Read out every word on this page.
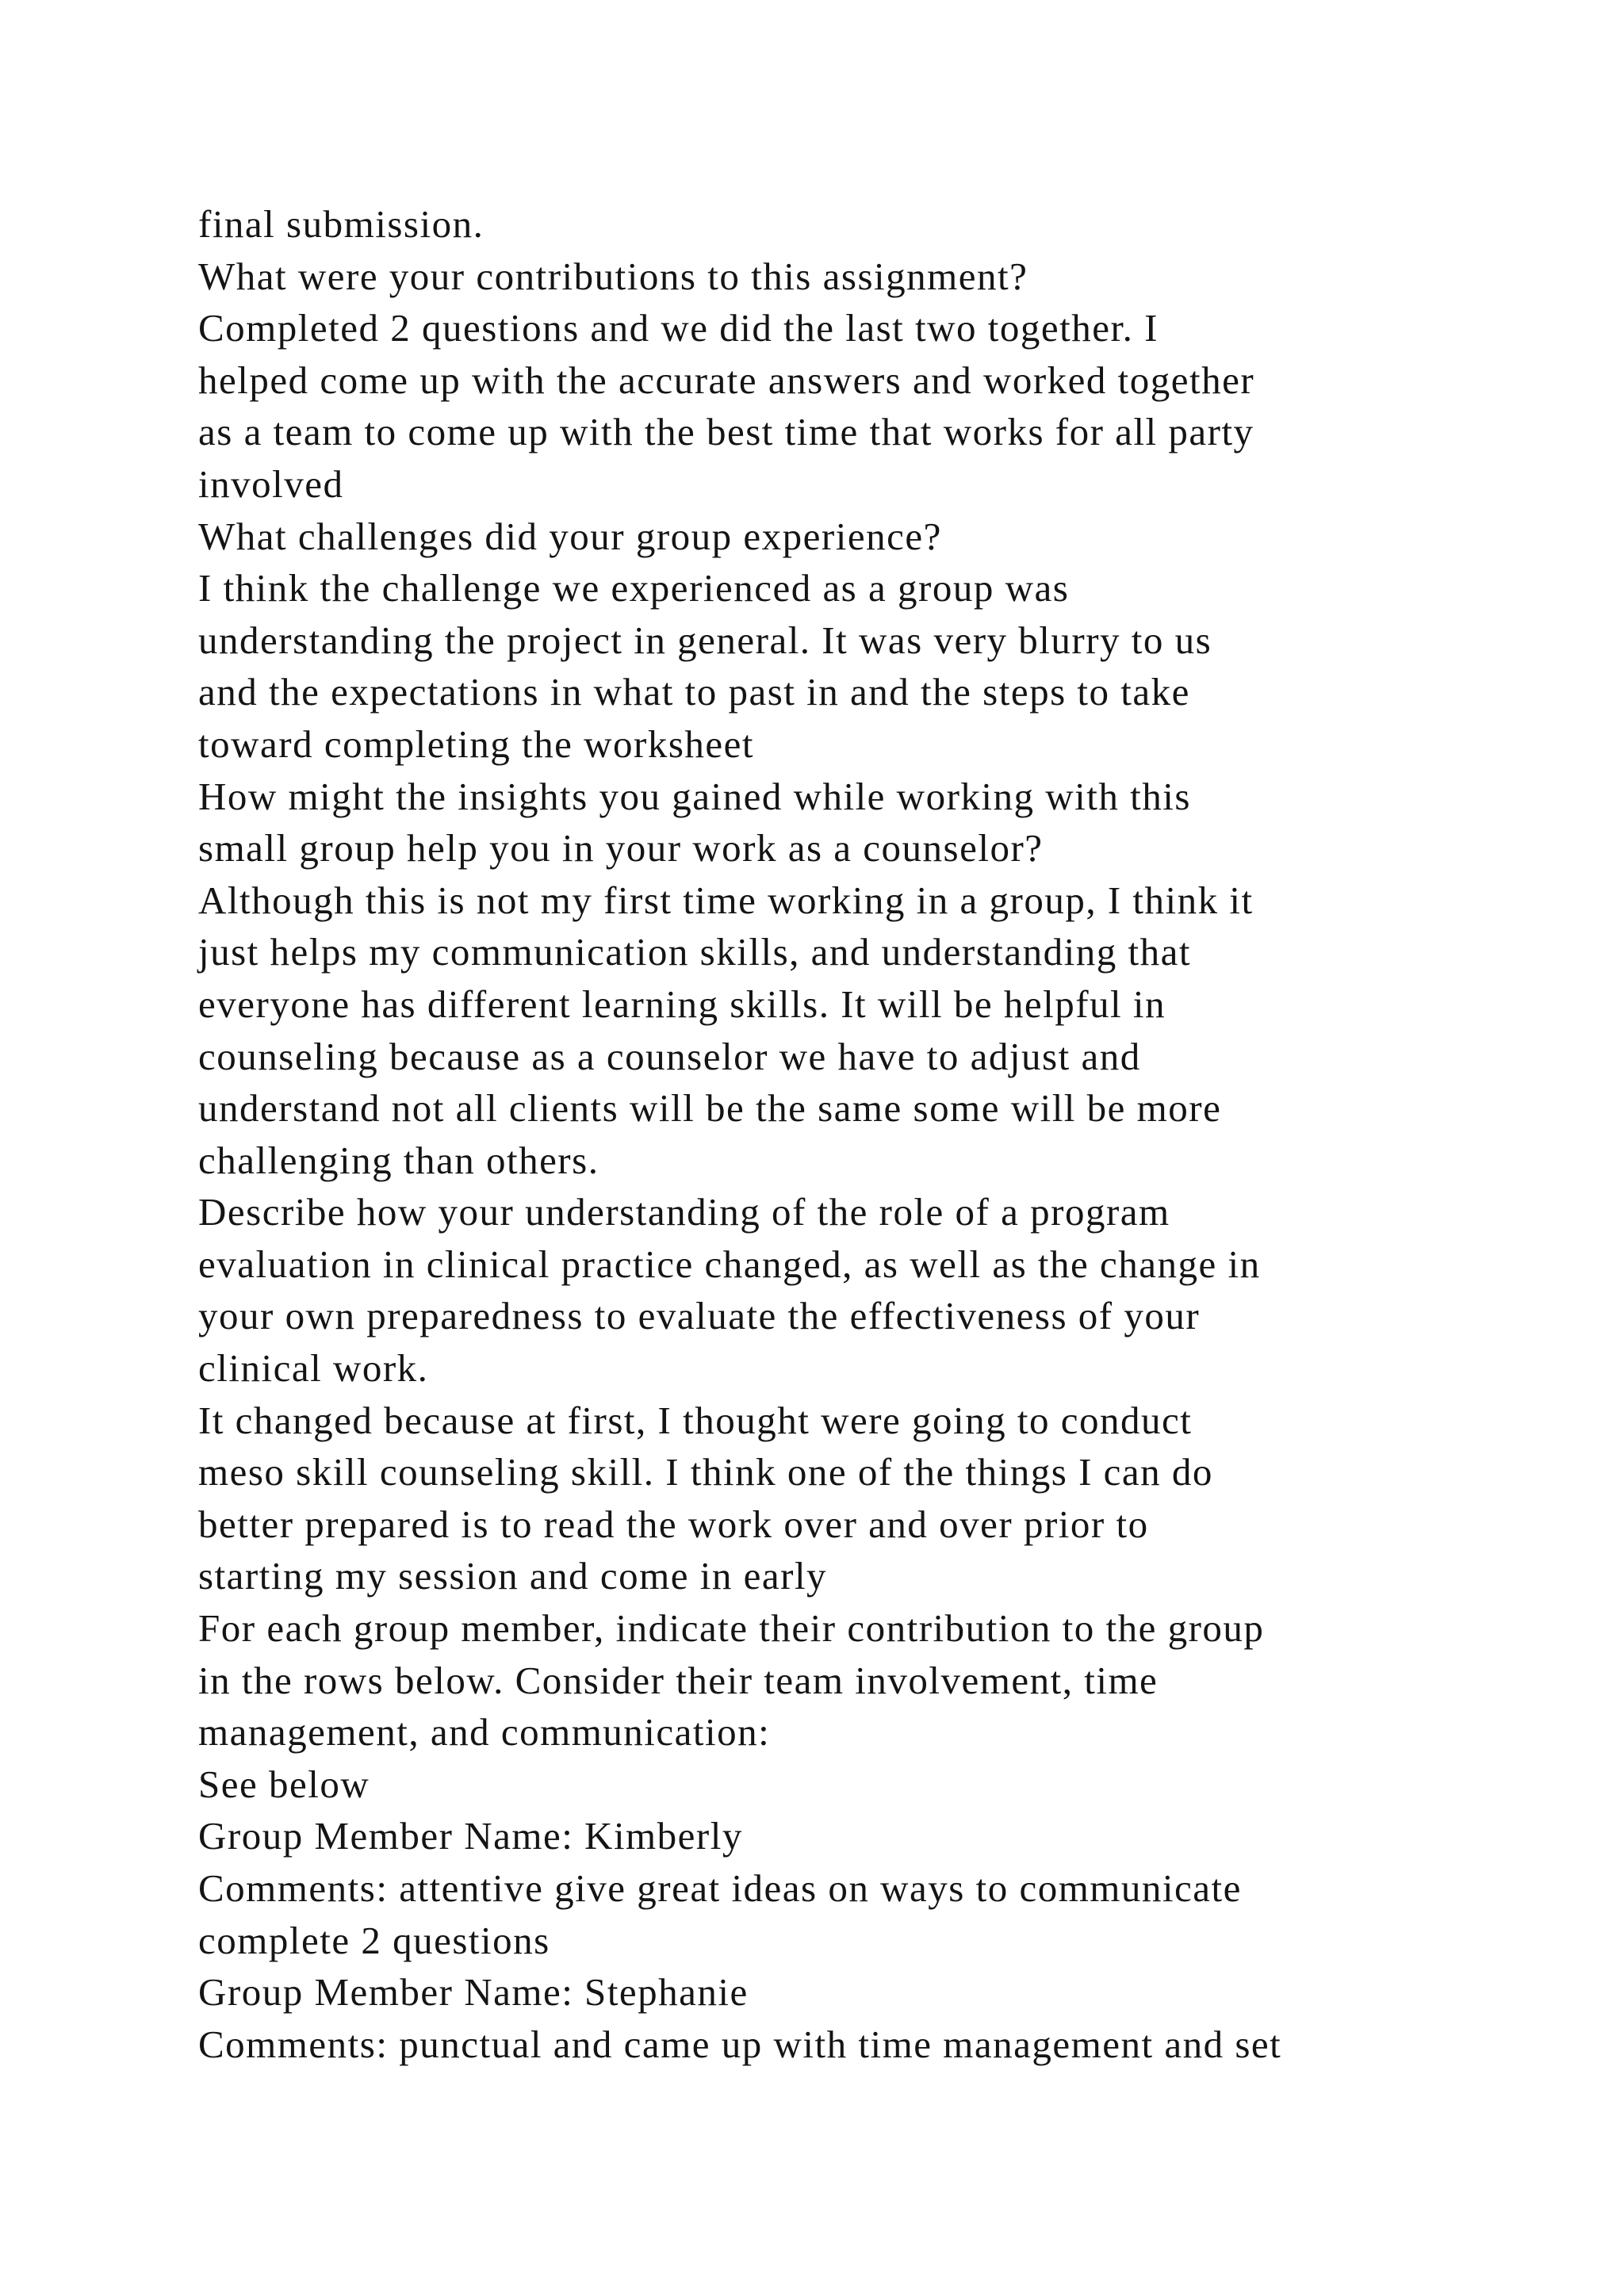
final submission.
What were your contributions to this assignment?
Completed 2 questions and we did the last two together. I
helped come up with the accurate answers and worked together
as a team to come up with the best time that works for all party
involved
What challenges did your group experience?
I think the challenge we experienced as a group was
understanding the project in general. It was very blurry to us
and the expectations in what to past in and the steps to take
toward completing the worksheet
How might the insights you gained while working with this
small group help you in your work as a counselor?
Although this is not my first time working in a group, I think it
just helps my communication skills, and understanding that
everyone has different learning skills. It will be helpful in
counseling because as a counselor we have to adjust and
understand not all clients will be the same some will be more
challenging than others.
Describe how your understanding of the role of a program
evaluation in clinical practice changed, as well as the change in
your own preparedness to evaluate the effectiveness of your
clinical work.
It changed because at first, I thought were going to conduct
meso skill counseling skill. I think one of the things I can do
better prepared is to read the work over and over prior to
starting my session and come in early
For each group member, indicate their contribution to the group
in the rows below. Consider their team involvement, time
management, and communication:
See below
Group Member Name: Kimberly
Comments: attentive give great ideas on ways to communicate
complete 2 questions
Group Member Name: Stephanie
Comments: punctual and came up with time management and set
